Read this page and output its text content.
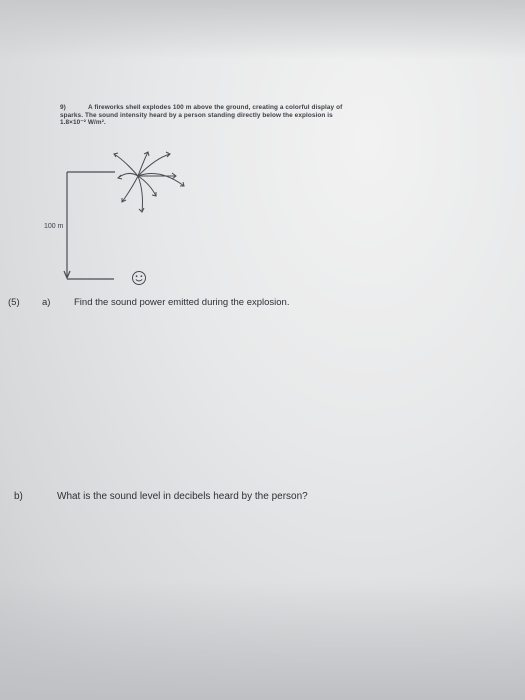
9)	A fireworks shell explodes 100 m above the ground, creating a colorful display of
sparks. The sound intensity heard by a person standing directly below the explosion is
1.8×10⁻² W/m².
100 m
(5) a) Find the sound power emitted during the explosion.
b)	What is the sound level in decibels heard by the person?
